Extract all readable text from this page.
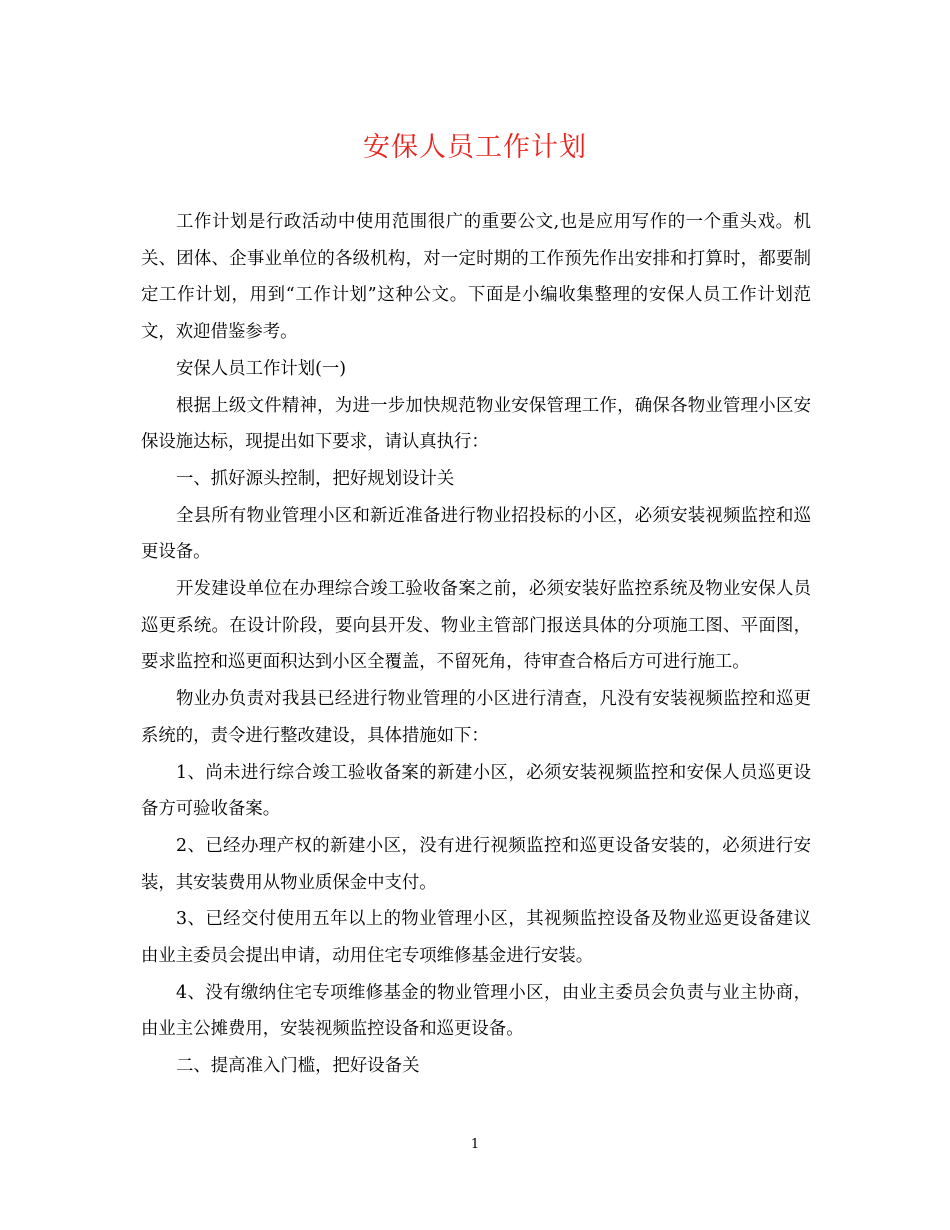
安保人员工作计划

工作计划是行政活动中使用范围很广的重要公文,也是应用写作的一个重头戏。机关、团体、企事业单位的各级机构，对一定时期的工作预先作出安排和打算时，都要制定工作计划，用到“工作计划”这种公文。下面是小编收集整理的安保人员工作计划范文，欢迎借鉴参考。

安保人员工作计划(一)

根据上级文件精神，为进一步加快规范物业安保管理工作，确保各物业管理小区安保设施达标，现提出如下要求，请认真执行：

一、抓好源头控制，把好规划设计关

全县所有物业管理小区和新近准备进行物业招投标的小区，必须安装视频监控和巡更设备。

开发建设单位在办理综合竣工验收备案之前，必须安装好监控系统及物业安保人员巡更系统。在设计阶段，要向县开发、物业主管部门报送具体的分项施工图、平面图，要求监控和巡更面积达到小区全覆盖，不留死角，待审查合格后方可进行施工。

物业办负责对我县已经进行物业管理的小区进行清查，凡没有安装视频监控和巡更系统的，责令进行整改建设，具体措施如下：

1、尚未进行综合竣工验收备案的新建小区，必须安装视频监控和安保人员巡更设备方可验收备案。

2、已经办理产权的新建小区，没有进行视频监控和巡更设备安装的，必须进行安装，其安装费用从物业质保金中支付。

3、已经交付使用五年以上的物业管理小区，其视频监控设备及物业巡更设备建议由业主委员会提出申请，动用住宅专项维修基金进行安装。

4、没有缴纳住宅专项维修基金的物业管理小区，由业主委员会负责与业主协商，由业主公摊费用，安装视频监控设备和巡更设备。

二、提高准入门槛，把好设备关

1
